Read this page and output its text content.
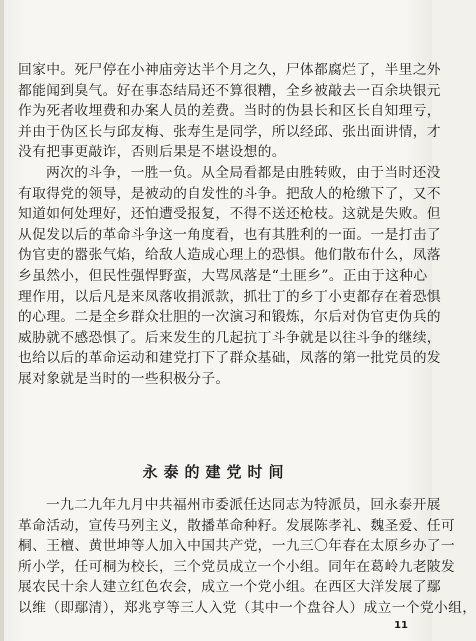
回家中。死尸停在小神庙旁达半个月之久，尸体都腐烂了，半里之外
都能闻到臭气。好在事态结局还不算很糟，全乡被敲去一百余块银元
作为死者收埋费和办案人员的差费。当时的伪县长和区长自知理亏，
并由于伪区长与邱友梅、张寿生是同学，所以经邱、张出面讲情，才
没有把事更敲诈，否则后果是不堪设想的。
两次的斗争，一胜一负。从全局看都是由胜转败，由于当时还没
有取得党的领导，是被动的自发性的斗争。把敌人的枪缴下了，又不
知道如何处理好，还怕遭受报复，不得不送还枪枝。这就是失败。但
从促发以后的革命斗争这一角度看，也有其胜利的一面。一是打击了
伪官吏的嚣张气焰，给敌人造成心理上的恐惧。他们散布什么，凤落
乡虽然小，但民性强悍野蛮，大骂凤落是“土匪乡”。正由于这种心
理作用，以后凡是来凤落收捐派款，抓壮丁的乡丁小吏都存在着恐惧
的心理。二是全乡群众壮胆的一次演习和锻炼，尔后对伪官吏伪兵的
威胁就不感恐惧了。后来发生的几起抗丁斗争就是以往斗争的继续，
也给以后的革命运动和建党打下了群众基础，凤落的第一批党员的发
展对象就是当时的一些积极分子。
永泰的建党时间
一九二九年九月中共福州市委派任达同志为特派员，回永泰开展
革命活动，宣传马列主义，散播革命种籽。发展陈孝礼、魏圣爱、任可
桐、王檀、黄世坤等人加入中国共产党，一九三〇年春在太原乡办了一
所小学，任可桐为校长，三个党员成立一个小组。同年在葛岭九老陂发
展农民十余人建立红色农会，成立一个党小组。在西区大洋发展了鄢
以维（即鄢清），郑兆亨等三人入党（其中一个盘谷人）成立一个党小组，
11
